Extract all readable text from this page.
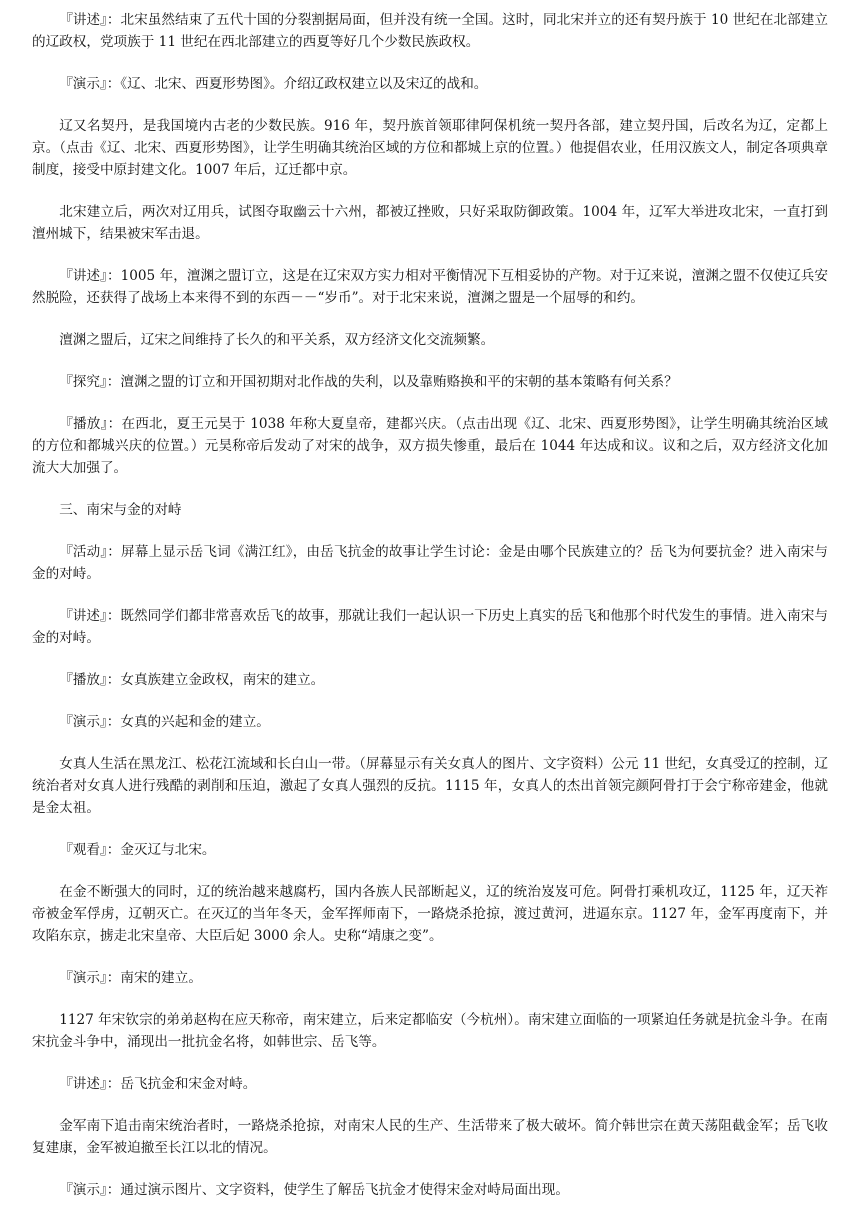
『讲述』：北宋虽然结束了五代十国的分裂割据局面，但并没有统一全国。这时，同北宋并立的还有契丹族于 10 世纪在北部建立的辽政权，党项族于 11 世纪在西北部建立的西夏等好几个少数民族政权。

『演示』：《辽、北宋、西夏形势图》。介绍辽政权建立以及宋辽的战和。

辽又名契丹，是我国境内古老的少数民族。916 年，契丹族首领耶律阿保机统一契丹各部，建立契丹国，后改名为辽，定都上京。（点击《辽、北宋、西夏形势图》，让学生明确其统治区域的方位和都城上京的位置。）他提倡农业，任用汉族文人，制定各项典章制度，接受中原封建文化。1007 年后，辽迁都中京。

北宋建立后，两次对辽用兵，试图夺取幽云十六州，都被辽挫败，只好采取防御政策。1004 年，辽军大举进攻北宋，一直打到澶州城下，结果被宋军击退。

『讲述』：1005 年，澶渊之盟订立，这是在辽宋双方实力相对平衡情况下互相妥协的产物。对于辽来说，澶渊之盟不仅使辽兵安然脱险，还获得了战场上本来得不到的东西－－“岁币”。对于北宋来说，澶渊之盟是一个屈辱的和约。

澶渊之盟后，辽宋之间维持了长久的和平关系，双方经济文化交流频繁。

『探究』：澶渊之盟的订立和开国初期对北作战的失利，以及靠贿赂换和平的宋朝的基本策略有何关系？

『播放』：在西北，夏王元昊于 1038 年称大夏皇帝，建都兴庆。（点击出现《辽、北宋、西夏形势图》，让学生明确其统治区域的方位和都城兴庆的位置。）元昊称帝后发动了对宋的战争，双方损失惨重，最后在 1044 年达成和议。议和之后，双方经济文化加流大大加强了。

三、南宋与金的对峙

『活动』：屏幕上显示岳飞词《满江红》，由岳飞抗金的故事让学生讨论：金是由哪个民族建立的？岳飞为何要抗金？进入南宋与金的对峙。

『讲述』：既然同学们都非常喜欢岳飞的故事，那就让我们一起认识一下历史上真实的岳飞和他那个时代发生的事情。进入南宋与金的对峙。

『播放』：女真族建立金政权，南宋的建立。

『演示』：女真的兴起和金的建立。

女真人生活在黑龙江、松花江流域和长白山一带。（屏幕显示有关女真人的图片、文字资料）公元 11 世纪，女真受辽的控制，辽统治者对女真人进行残酷的剥削和压迫，激起了女真人强烈的反抗。1115 年，女真人的杰出首领完颜阿骨打于会宁称帝建金，他就是金太祖。

『观看』：金灭辽与北宋。

在金不断强大的同时，辽的统治越来越腐朽，国内各族人民部断起义，辽的统治岌岌可危。阿骨打乘机攻辽，1125 年，辽天祚帝被金军俘虏，辽朝灭亡。在灭辽的当年冬天，金军挥师南下，一路烧杀抢掠，渡过黄河，进逼东京。1127 年，金军再度南下，并攻陷东京，掳走北宋皇帝、大臣后妃 3000 余人。史称“靖康之变”。

『演示』：南宋的建立。

1127 年宋钦宗的弟弟赵构在应天称帝，南宋建立，后来定都临安（今杭州）。南宋建立面临的一项紧迫任务就是抗金斗争。在南宋抗金斗争中，涌现出一批抗金名将，如韩世宗、岳飞等。

『讲述』：岳飞抗金和宋金对峙。

金军南下追击南宋统治者时，一路烧杀抢掠，对南宋人民的生产、生活带来了极大破坏。简介韩世宗在黄天荡阻截金军；岳飞收复建康，金军被迫撤至长江以北的情况。

『演示』：通过演示图片、文字资料，使学生了解岳飞抗金才使得宋金对峙局面出现。
